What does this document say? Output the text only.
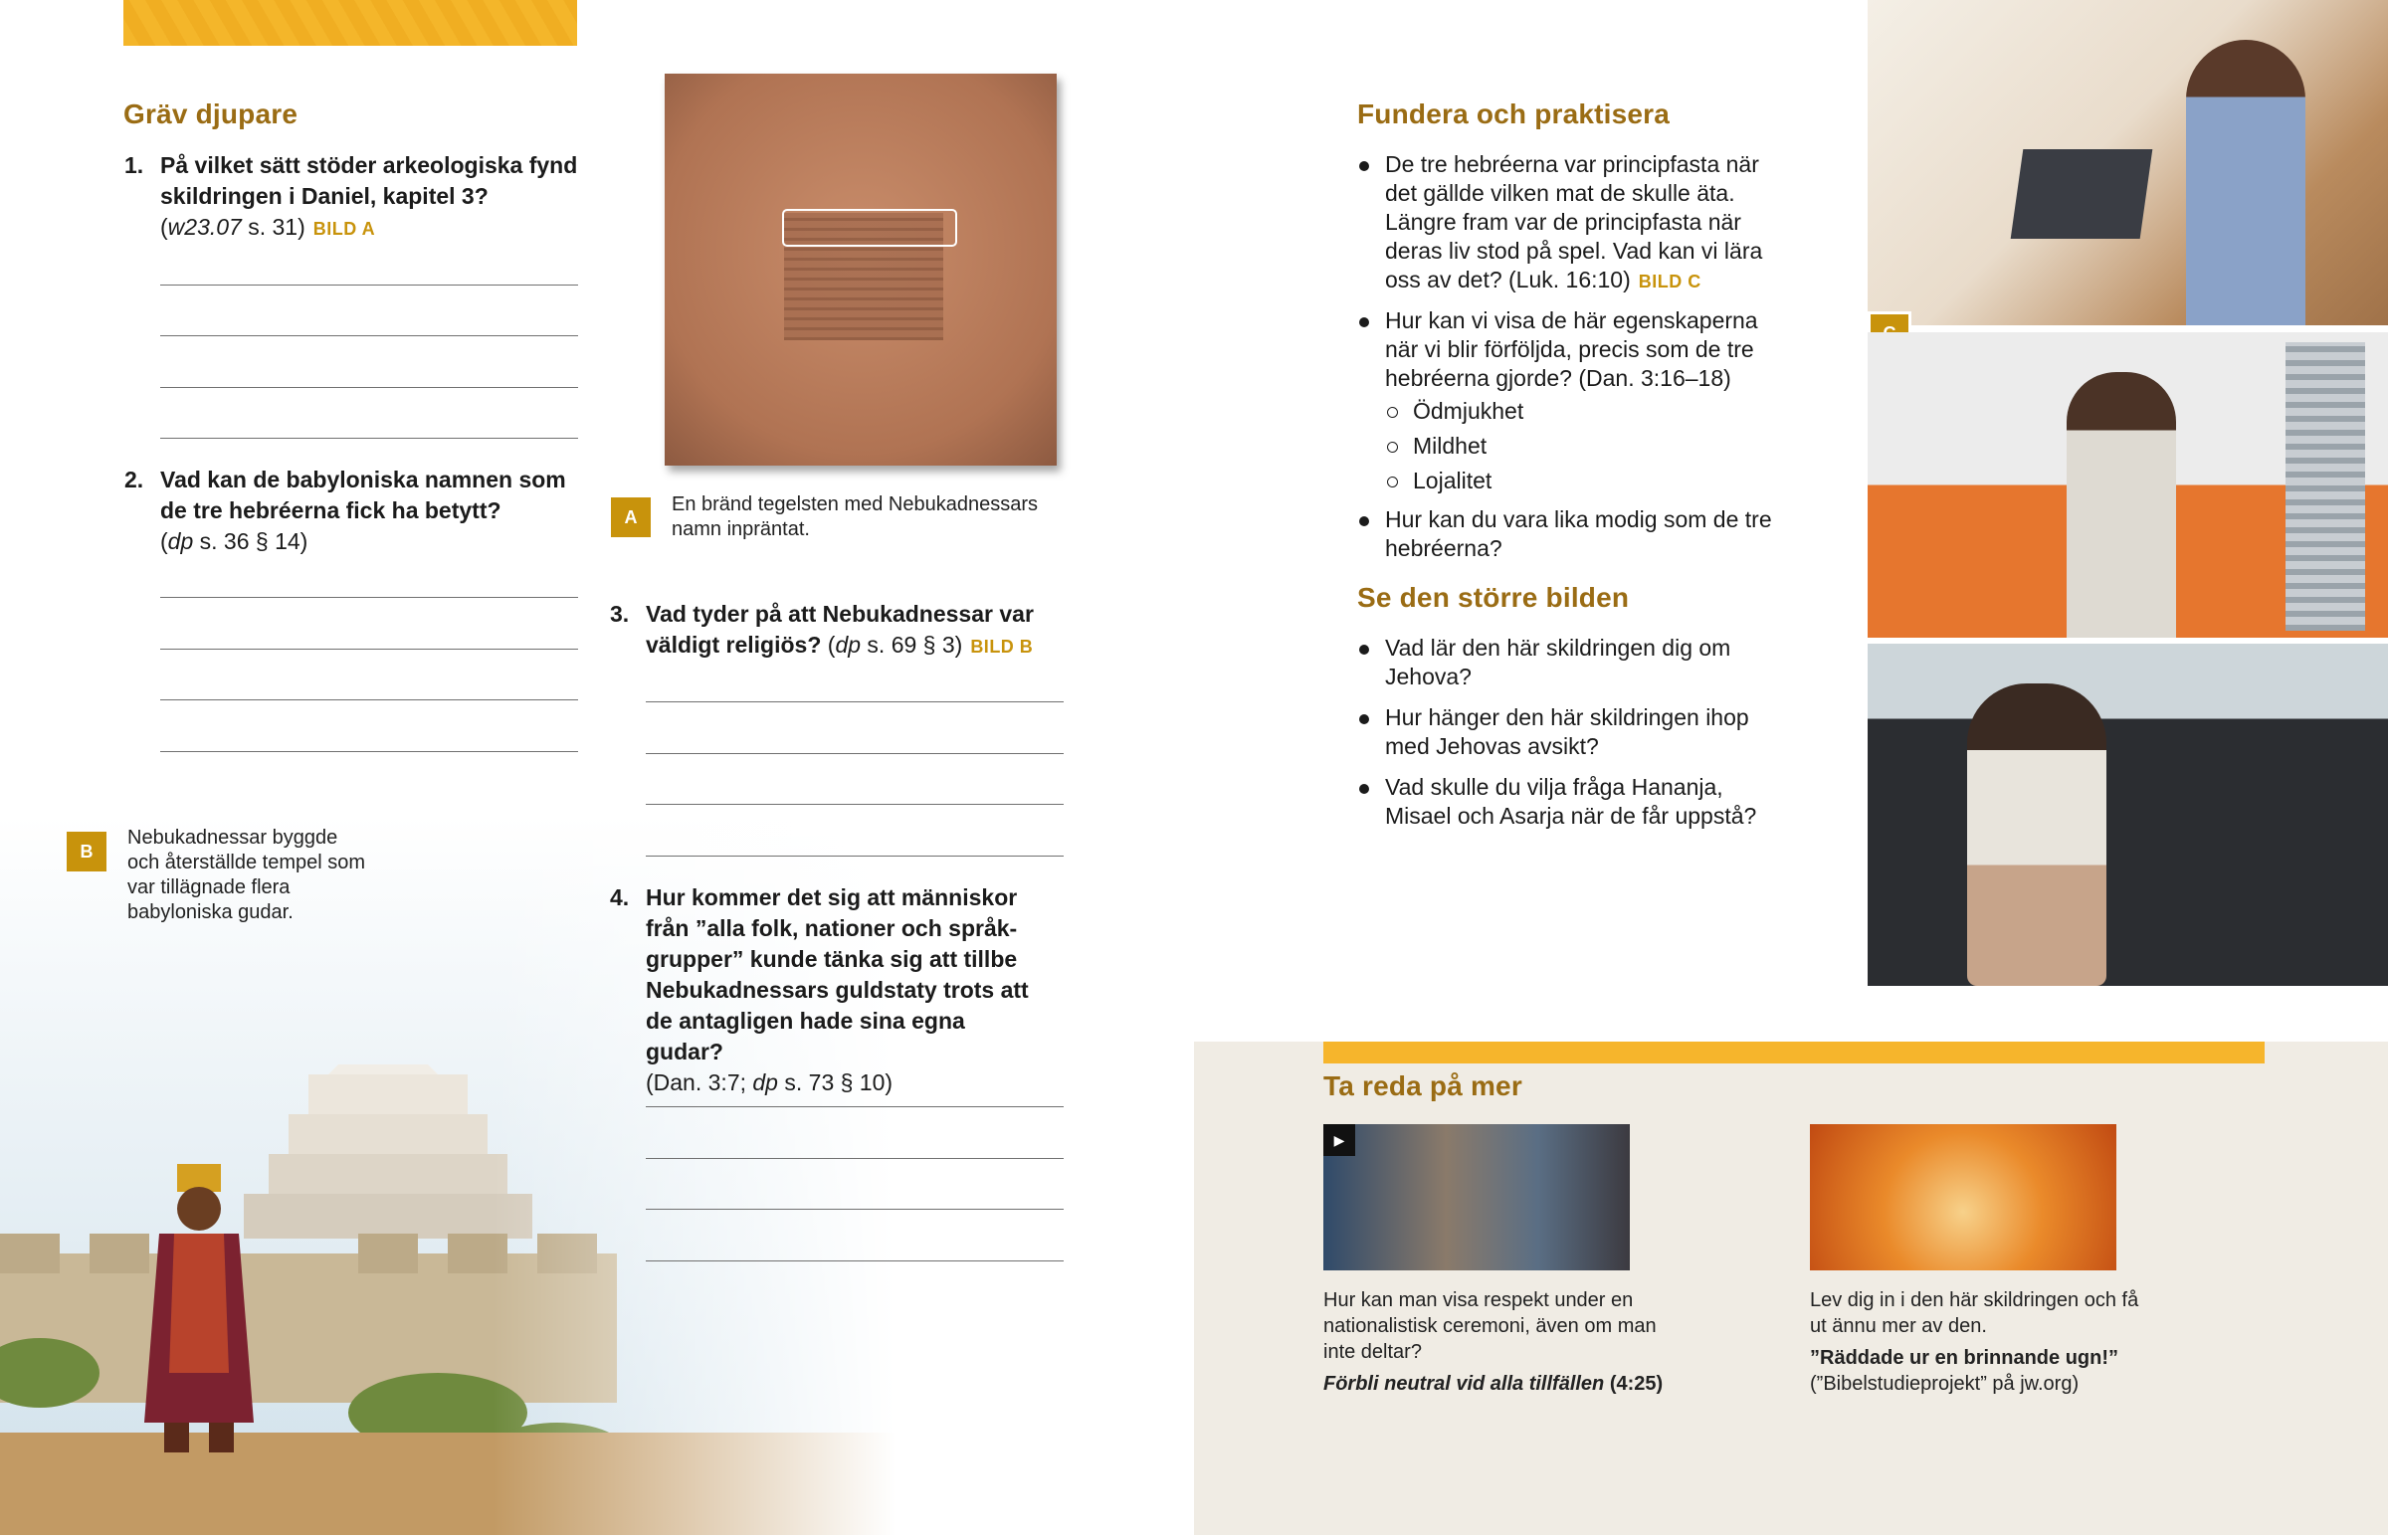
Gräv djupare
1. På vilket sätt stöder arkeologiska fynd skildringen i Daniel, kapitel 3?
(w23.07 s. 31) BILD A
2. Vad kan de babyloniska namnen som de tre hebréerna fick ha betytt?
(dp s. 36 § 14)
B
Nebukadnessar byggde och återställde tempel som var tillägnade flera babyloniska gudar.
A
En bränd tegelsten med Nebukadnessars namn inpräntat.
3. Vad tyder på att Nebukadnessar var väldigt religiös? (dp s. 69 § 3) BILD B
4. Hur kommer det sig att människor från ”alla folk, nationer och språkgrupper” kunde tänka sig att tillbe Nebukadnessars guldstaty trots att de antagligen hade sina egna gudar?
(Dan. 3:7; dp s. 73 § 10)
Fundera och praktisera
De tre hebréerna var principfasta när det gällde vilken mat de skulle äta. Längre fram var de principfasta när deras liv stod på spel. Vad kan vi lära oss av det? (Luk. 16:10) BILD C
Hur kan vi visa de här egenskaperna när vi blir förföljda, precis som de tre hebréerna gjorde? (Dan. 3:16–18)
Ödmjukhet
Mildhet
Lojalitet
Hur kan du vara lika modig som de tre hebréerna?
Se den större bilden
Vad lär den här skildringen dig om Jehova?
Hur hänger den här skildringen ihop med Jehovas avsikt?
Vad skulle du vilja fråga Hananja, Misael och Asarja när de får uppstå?
Ta reda på mer
▶
Hur kan man visa respekt under en nationalistisk ceremoni, även om man inte deltar?
Förbli neutral vid alla tillfällen (4:25)
Lev dig in i den här skildringen och få ut ännu mer av den.
”Räddade ur en brinnande ugn!”
(”Bibelstudieprojekt” på jw.org)
